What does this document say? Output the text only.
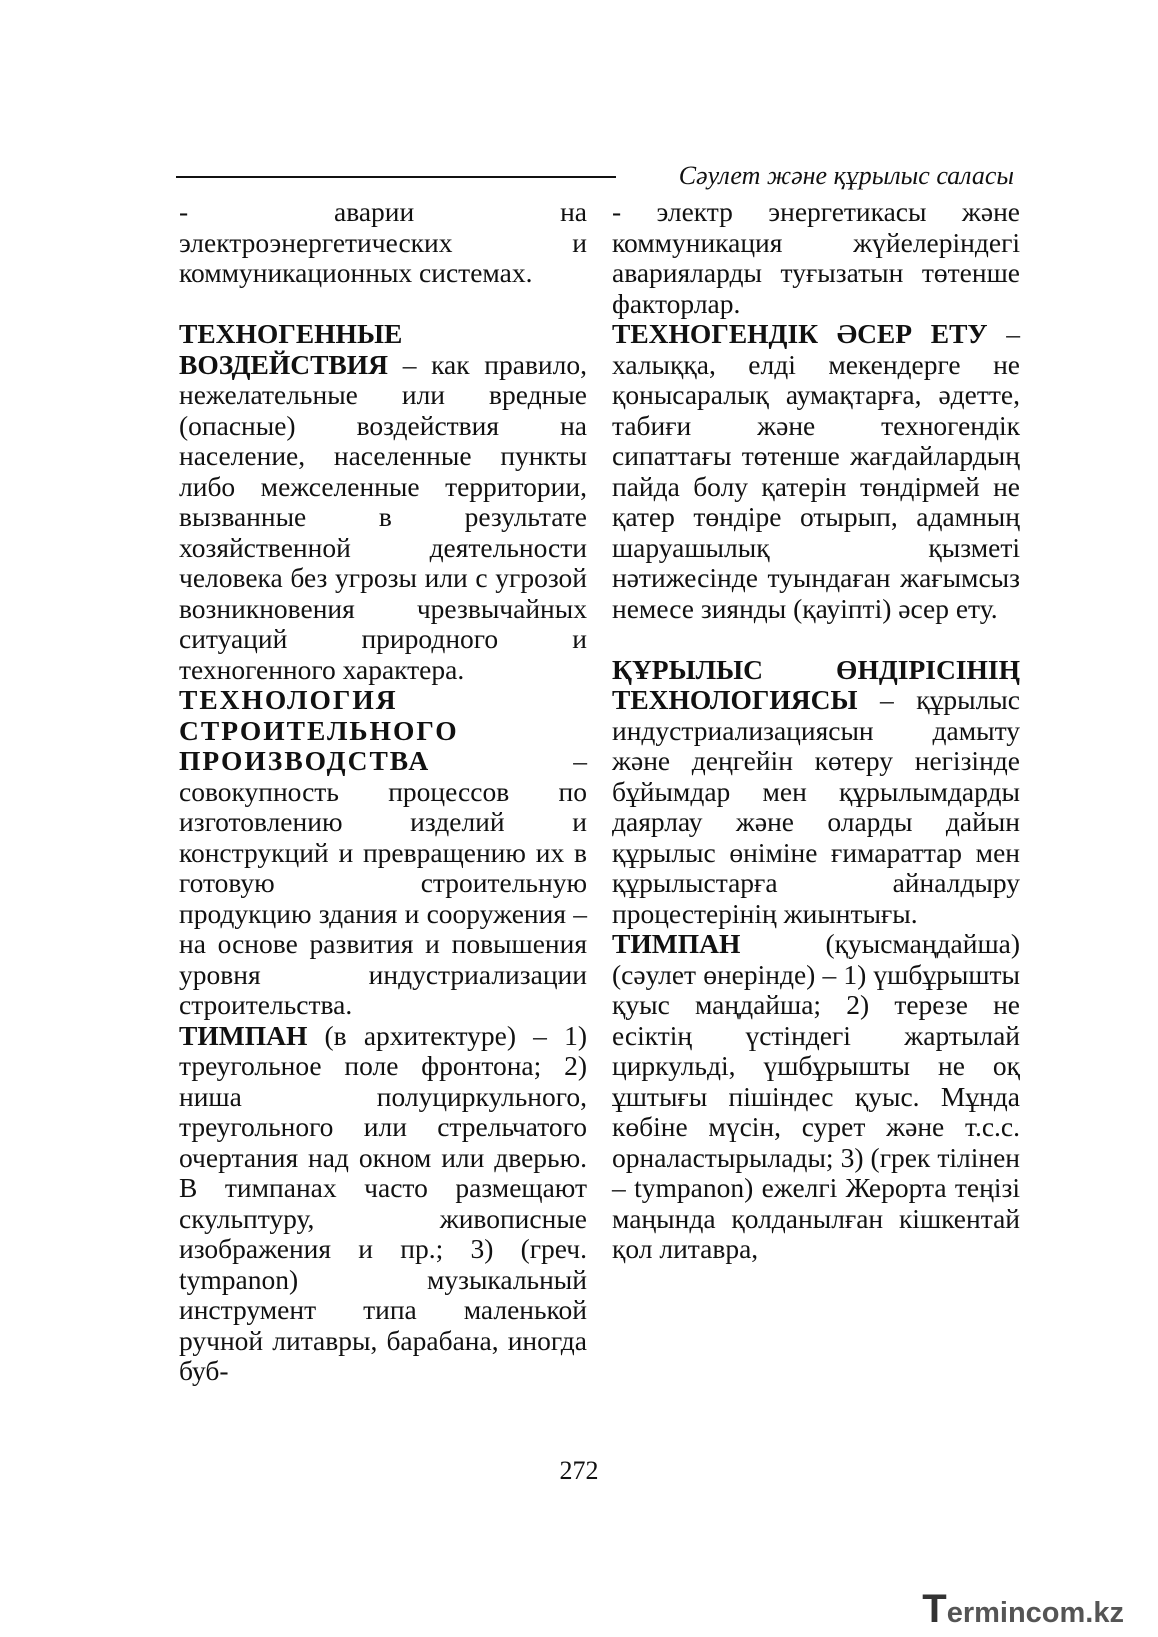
Сәулет және құрылыс саласы

- аварии на электроэнергетических и коммуникационных системах.

ТЕХНОГЕННЫЕ ВОЗДЕЙСТВИЯ – как правило, нежелательные или вредные (опасные) воздействия на население, населенные пункты либо межселенные территории, вызванные в результате хозяйственной деятельности человека без угрозы или с угрозой возникновения чрезвычайных ситуаций природного и техногенного характера.

ТЕХНОЛОГИЯ СТРОИТЕЛЬНОГО ПРОИЗВОДСТВА – совокупность процессов по изготовлению изделий и конструкций и превращению их в готовую строительную продукцию здания и сооружения – на основе развития и повышения уровня индустриализации строительства.

ТИМПАН (в архитектуре) – 1) треугольное поле фронтона; 2) ниша полуциркульного, треугольного или стрельчатого очертания над окном или дверью. В тимпанах часто размещают скульптуру, живописные изображения и пр.; 3) (греч. tympanon) музыкальный инструмент типа маленькой ручной литавры, барабана, иногда буб-

- электр энергетикасы және коммуникация жүйелеріндегі аварияларды туғызатын төтенше факторлар.

ТЕХНОГЕНДІК ӘСЕР ЕТУ – халыққа, елді мекендерге не қонысаралық аумақтарға, әдетте, табиғи және техногендік сипаттағы төтенше жағдайлардың пайда болу қатерін төндірмей не қатер төндіре отырып, адамның шаруашылық қызметі нәтижесінде туындаған жағымсыз немесе зиянды (қауіпті) әсер ету.

ҚҰРЫЛЫС ӨНДІРІСІНІҢ ТЕХНОЛОГИЯСЫ – құрылыс индустриализациясын дамыту және деңгейін көтеру негізінде бұйымдар мен құрылымдарды даярлау және оларды дайын құрылыс өніміне ғимараттар мен құрылыстарға айналдыру процестерінің жиынтығы.

ТИМПАН (қуысмаңдайша) (сәулет өнерінде) – 1) үшбұрышты қуыс маңдайша; 2) терезе не есіктің үстіндегі жартылай циркульді, үшбұрышты не оқ ұштығы пішіндес қуыс. Мұнда көбіне мүсін, сурет және т.с.с. орналастырылады; 3) (грек тілінен – tympanon) ежелгі Жерорта теңізі маңында қолданылған кішкентай қол литавра,

272
Termincom.kz
